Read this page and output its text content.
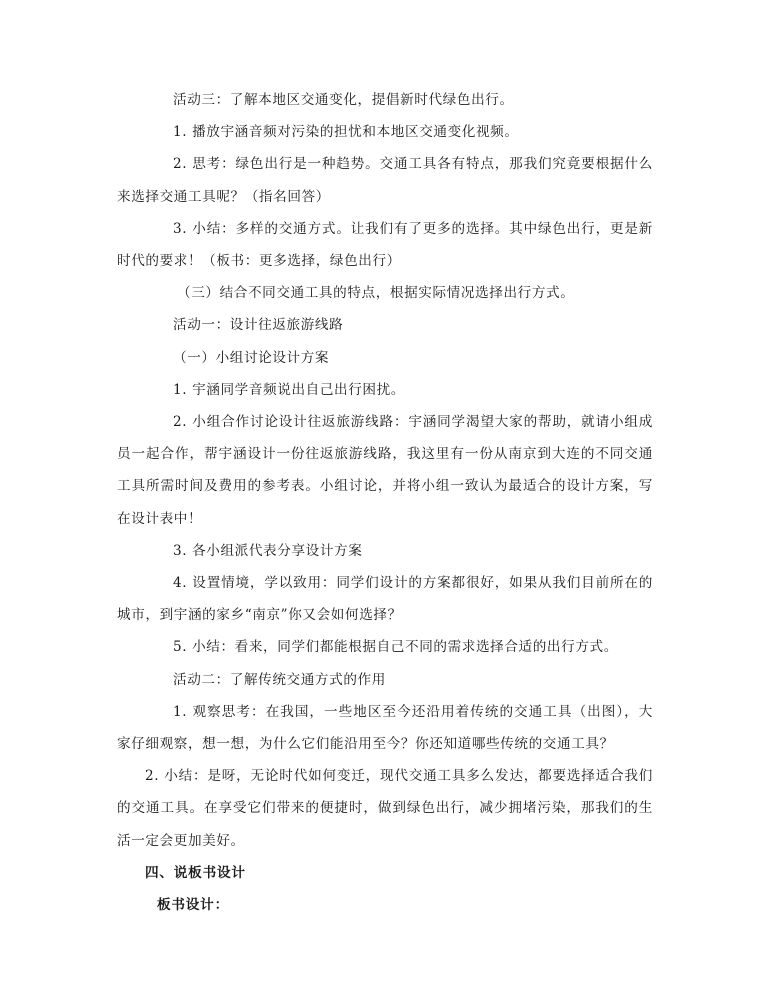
活动三：了解本地区交通变化，提倡新时代绿色出行。

1. 播放宇涵音频对污染的担忧和本地区交通变化视频。

2. 思考：绿色出行是一种趋势。交通工具各有特点，那我们究竟要根据什么来选择交通工具呢？（指名回答）

3. 小结：多样的交通方式。让我们有了更多的选择。其中绿色出行，更是新时代的要求！（板书：更多选择，绿色出行）

（三）结合不同交通工具的特点，根据实际情况选择出行方式。

活动一：设计往返旅游线路

（一）小组讨论设计方案

1. 宇涵同学音频说出自己出行困扰。

2. 小组合作讨论设计往返旅游线路：宇涵同学渴望大家的帮助，就请小组成员一起合作，帮宇涵设计一份往返旅游线路，我这里有一份从南京到大连的不同交通工具所需时间及费用的参考表。小组讨论，并将小组一致认为最适合的设计方案，写在设计表中！

3. 各小组派代表分享设计方案

4. 设置情境，学以致用：同学们设计的方案都很好，如果从我们目前所在的城市，到宇涵的家乡“南京”你又会如何选择？

5. 小结：看来，同学们都能根据自己不同的需求选择合适的出行方式。

活动二：了解传统交通方式的作用

1. 观察思考：在我国，一些地区至今还沿用着传统的交通工具（出图），大家仔细观察，想一想，为什么它们能沿用至今？你还知道哪些传统的交通工具？

2. 小结：是呀，无论时代如何变迁，现代交通工具多么发达，都要选择适合我们的交通工具。在享受它们带来的便捷时，做到绿色出行，减少拥堵污染，那我们的生活一定会更加美好。

四、说板书设计

板书设计：
